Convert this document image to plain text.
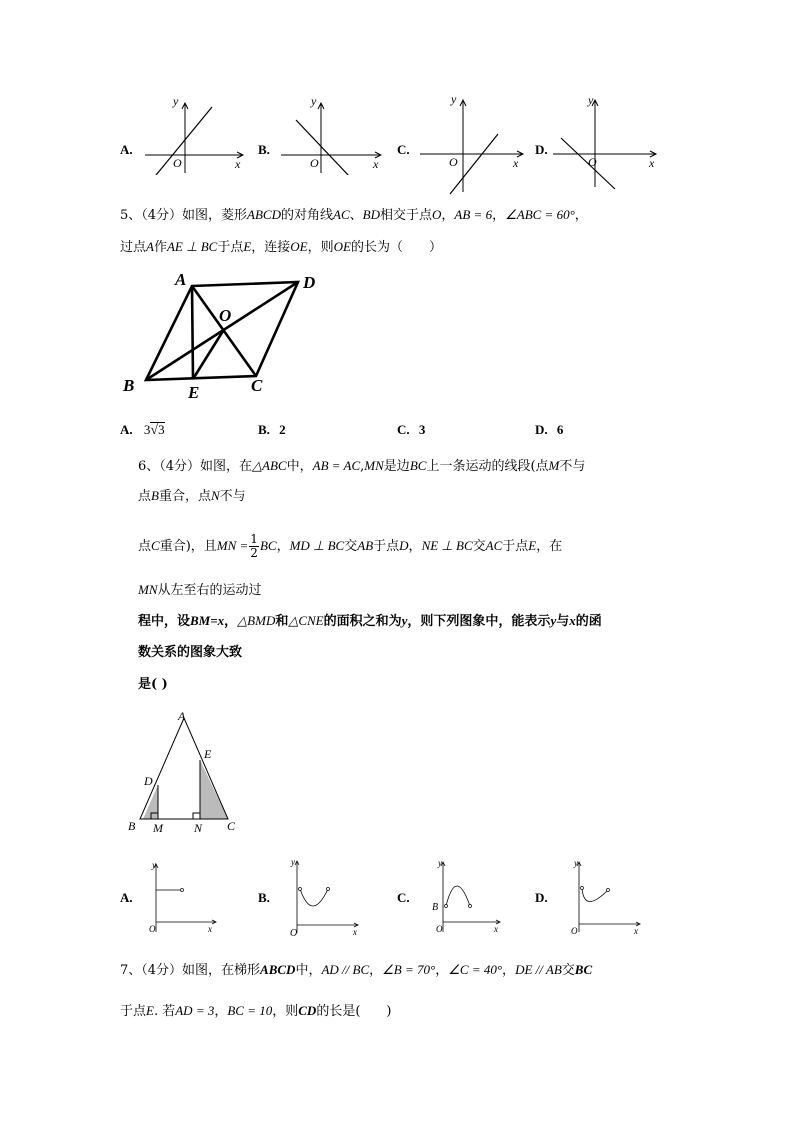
A.
y
x
O
B.
y
x
O
C.
y
x
O
D.
y
x
O
5、（4分）如图，菱形ABCD的对角线AC、BD相交于点O，AB = 6，∠ABC = 60°，
过点A作AE ⊥ BC于点E，连接OE，则OE的长为（　　）
A	D
O
B	E	C
A. 3√3	B. 2	C. 3	D. 6
6、（4分）如图，在△ABC中，AB = AC,MN是边BC上一条运动的线段(点M不与
点B重合，点N不与
点C重合)，且MN = $\frac{1}{2}$ BC，MD ⊥ BC交AB于点D，NE ⊥ BC交AC于点E，在
MN从左至右的运动过
程中，设BM=x，△BMD和△CNE的面积之和为y，则下列图象中，能表示y与x的函
数关系的图象大致
是( )
A
D
E
B M	N C
A.
y
x
O
B.
y
x
O
C.
B
y
x
O
D.
y
x
O
7、（4分）如图，在梯形ABCD中，AD // BC，∠B = 70°，∠C = 40°，DE // AB交BC
于点E. 若AD = 3，BC = 10，则CD的长是(　　)
